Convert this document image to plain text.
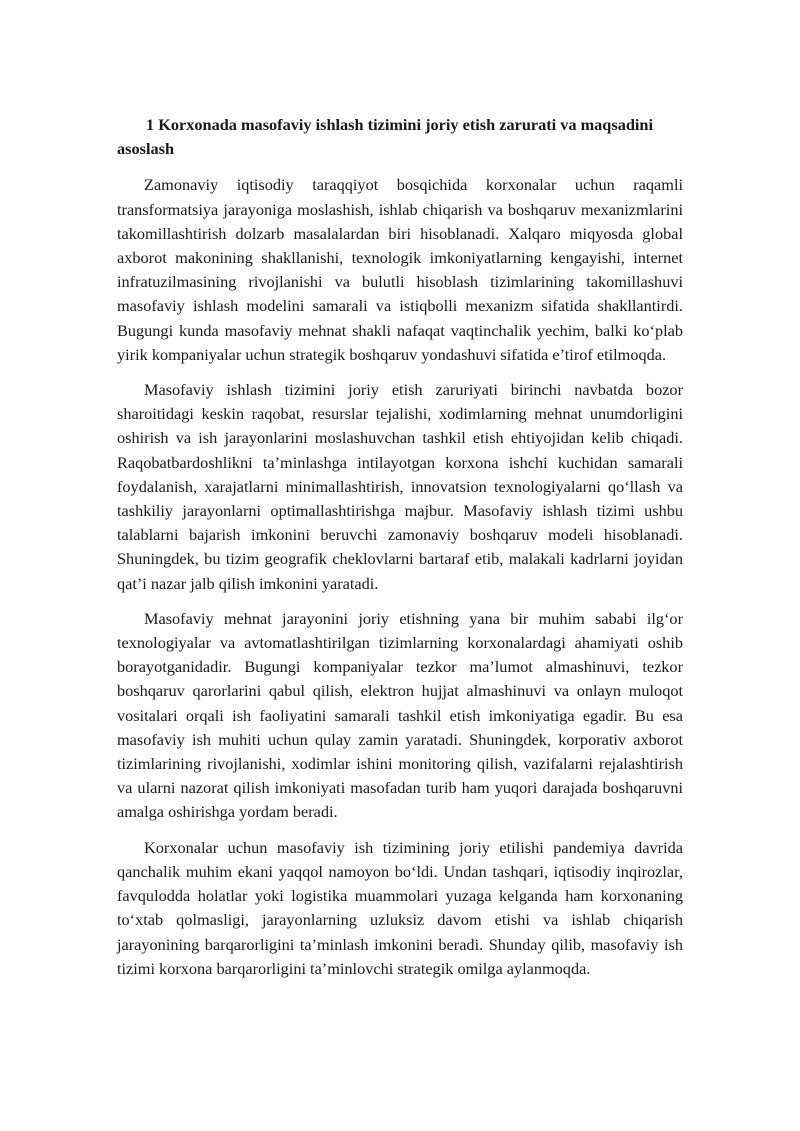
1 Korxonada masofaviy ishlash tizimini joriy etish zarurati va maqsadini asoslash

Zamonaviy iqtisodiy taraqqiyot bosqichida korxonalar uchun raqamli transformatsiya jarayoniga moslashish, ishlab chiqarish va boshqaruv mexanizmlarini takomillashtirish dolzarb masalalardan biri hisoblanadi. Xalqaro miqyosda global axborot makonining shakllanishi, texnologik imkoniyatlarning kengayishi, internet infratuzilmasining rivojlanishi va bulutli hisoblash tizimlarining takomillashuvi masofaviy ishlash modelini samarali va istiqbolli mexanizm sifatida shakllantirdi. Bugungi kunda masofaviy mehnat shakli nafaqat vaqtinchalik yechim, balki ko‘plab yirik kompaniyalar uchun strategik boshqaruv yondashuvi sifatida e’tirof etilmoqda.

Masofaviy ishlash tizimini joriy etish zaruriyati birinchi navbatda bozor sharoitidagi keskin raqobat, resurslar tejalishi, xodimlarning mehnat unumdorligini oshirish va ish jarayonlarini moslashuvchan tashkil etish ehtiyojidan kelib chiqadi. Raqobatbardoshlikni ta’minlashga intilayotgan korxona ishchi kuchidan samarali foydalanish, xarajatlarni minimallashtirish, innovatsion texnologiyalarni qo‘llash va tashkiliy jarayonlarni optimallashtirishga majbur. Masofaviy ishlash tizimi ushbu talablarni bajarish imkonini beruvchi zamonaviy boshqaruv modeli hisoblanadi. Shuningdek, bu tizim geografik cheklovlarni bartaraf etib, malakali kadrlarni joyidan qat’i nazar jalb qilish imkonini yaratadi.

Masofaviy mehnat jarayonini joriy etishning yana bir muhim sababi ilg‘or texnologiyalar va avtomatlashtirilgan tizimlarning korxonalardagi ahamiyati oshib borayotganidadir. Bugungi kompaniyalar tezkor ma’lumot almashinuvi, tezkor boshqaruv qarorlarini qabul qilish, elektron hujjat almashinuvi va onlayn muloqot vositalari orqali ish faoliyatini samarali tashkil etish imkoniyatiga egadir. Bu esa masofaviy ish muhiti uchun qulay zamin yaratadi. Shuningdek, korporativ axborot tizimlarining rivojlanishi, xodimlar ishini monitoring qilish, vazifalarni rejalashtirish va ularni nazorat qilish imkoniyati masofadan turib ham yuqori darajada boshqaruvni amalga oshirishga yordam beradi.

Korxonalar uchun masofaviy ish tizimining joriy etilishi pandemiya davrida qanchalik muhim ekani yaqqol namoyon bo‘ldi. Undan tashqari, iqtisodiy inqirozlar, favqulodda holatlar yoki logistika muammolari yuzaga kelganda ham korxonaning to‘xtab qolmasligi, jarayonlarning uzluksiz davom etishi va ishlab chiqarish jarayonining barqarorligini ta’minlash imkonini beradi. Shunday qilib, masofaviy ish tizimi korxona barqarorligini ta’minlovchi strategik omilga aylanmoqda.
